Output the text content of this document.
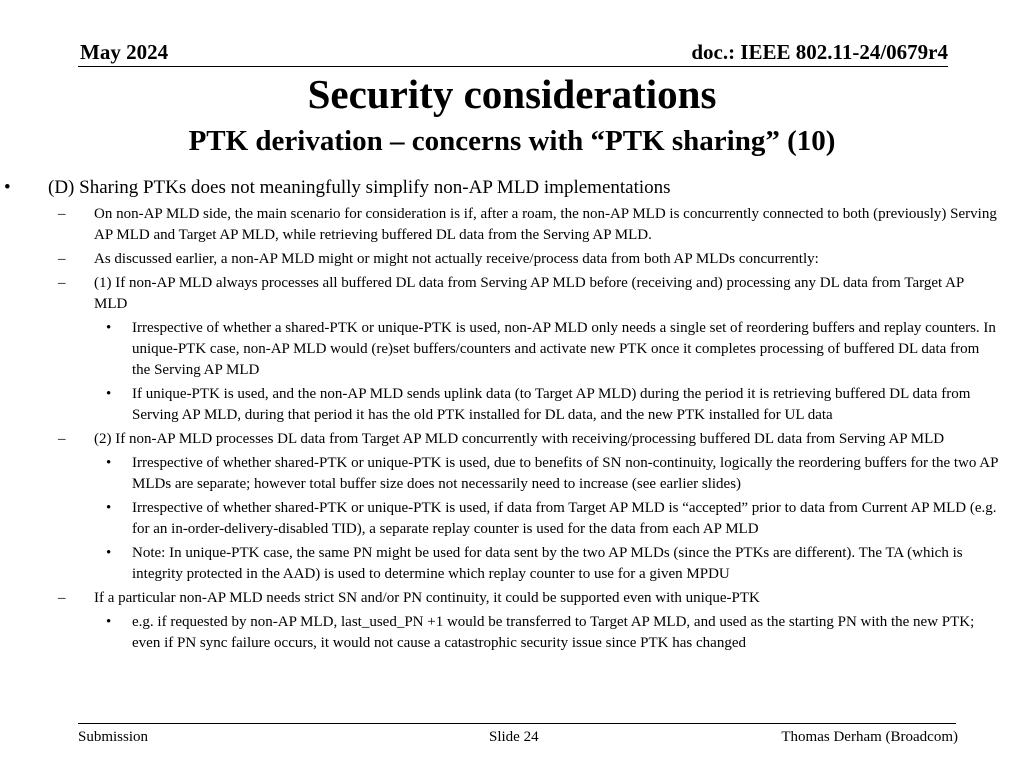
May 2024	doc.: IEEE 802.11-24/0679r4
Security considerations
PTK derivation – concerns with “PTK sharing” (10)
• (D) Sharing PTKs does not meaningfully simplify non-AP MLD implementations
– On non-AP MLD side, the main scenario for consideration is if, after a roam, the non-AP MLD is concurrently connected to both (previously) Serving AP MLD and Target AP MLD, while retrieving buffered DL data from the Serving AP MLD.
– As discussed earlier, a non-AP MLD might or might not actually receive/process data from both AP MLDs concurrently:
– (1) If non-AP MLD always processes all buffered DL data from Serving AP MLD before (receiving and) processing any DL data from Target AP MLD
• Irrespective of whether a shared-PTK or unique-PTK is used, non-AP MLD only needs a single set of reordering buffers and replay counters. In unique-PTK case, non-AP MLD would (re)set buffers/counters and activate new PTK once it completes processing of buffered DL data from the Serving AP MLD
• If unique-PTK is used, and the non-AP MLD sends uplink data (to Target AP MLD) during the period it is retrieving buffered DL data from Serving AP MLD, during that period it has the old PTK installed for DL data, and the new PTK installed for UL data
– (2) If non-AP MLD processes DL data from Target AP MLD concurrently with receiving/processing buffered DL data from Serving AP MLD
• Irrespective of whether shared-PTK or unique-PTK is used, due to benefits of SN non-continuity, logically the reordering buffers for the two AP MLDs are separate; however total buffer size does not necessarily need to increase (see earlier slides)
• Irrespective of whether shared-PTK or unique-PTK is used, if data from Target AP MLD is “accepted” prior to data from Current AP MLD (e.g. for an in-order-delivery-disabled TID), a separate replay counter is used for the data from each AP MLD
• Note: In unique-PTK case, the same PN might be used for data sent by the two AP MLDs (since the PTKs are different). The TA (which is integrity protected in the AAD) is used to determine which replay counter to use for a given MPDU
– If a particular non-AP MLD needs strict SN and/or PN continuity, it could be supported even with unique-PTK
• e.g. if requested by non-AP MLD, last_used_PN +1 would be transferred to Target AP MLD, and used as the starting PN with the new PTK; even if PN sync failure occurs, it would not cause a catastrophic security issue since PTK has changed
Submission	Slide 24	Thomas Derham (Broadcom)
